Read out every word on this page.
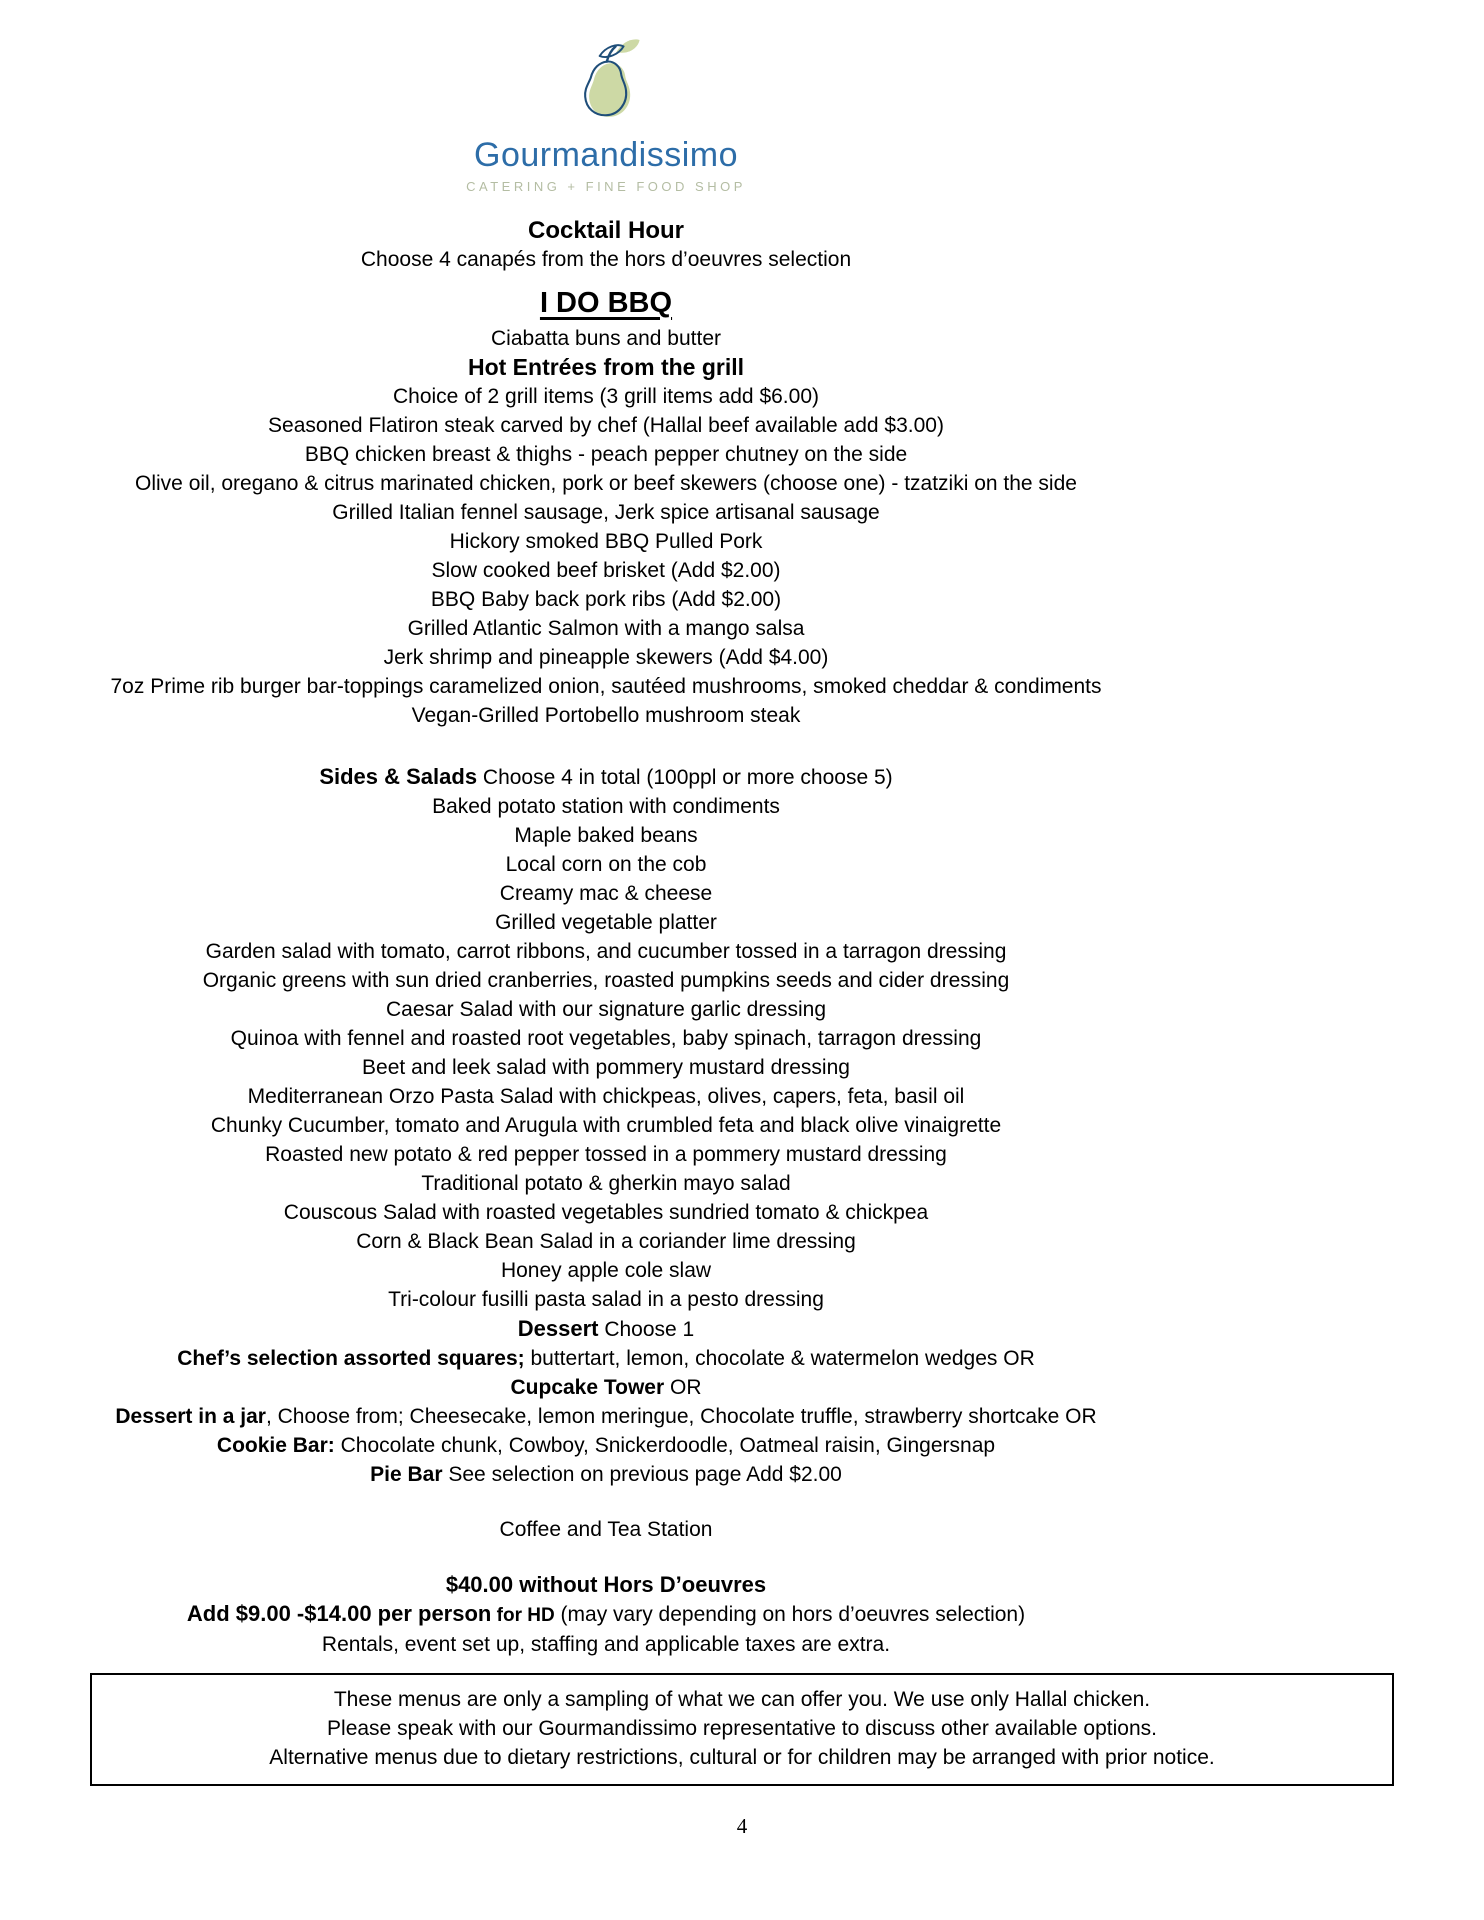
Gourmandissimo
CATERING + FINE FOOD SHOP
Cocktail Hour
Choose 4 canapés from the hors d’oeuvres selection
I DO BBQ
Ciabatta buns and butter
Hot Entrées from the grill
Choice of 2 grill items (3 grill items add $6.00)
Seasoned Flatiron steak carved by chef (Hallal beef available add $3.00)
BBQ chicken breast & thighs - peach pepper chutney on the side
Olive oil, oregano & citrus marinated chicken, pork or beef skewers (choose one) - tzatziki on the side
Grilled Italian fennel sausage, Jerk spice artisanal sausage
Hickory smoked BBQ Pulled Pork
Slow cooked beef brisket (Add $2.00)
BBQ Baby back pork ribs (Add $2.00)
Grilled Atlantic Salmon with a mango salsa
Jerk shrimp and pineapple skewers (Add $4.00)
7oz Prime rib burger bar-toppings caramelized onion, sautéed mushrooms, smoked cheddar & condiments
Vegan-Grilled Portobello mushroom steak
Sides & Salads Choose 4 in total (100ppl or more choose 5)
Baked potato station with condiments
Maple baked beans
Local corn on the cob
Creamy mac & cheese
Grilled vegetable platter
Garden salad with tomato, carrot ribbons, and cucumber tossed in a tarragon dressing
Organic greens with sun dried cranberries, roasted pumpkins seeds and cider dressing
Caesar Salad with our signature garlic dressing
Quinoa with fennel and roasted root vegetables, baby spinach, tarragon dressing
Beet and leek salad with pommery mustard dressing
Mediterranean Orzo Pasta Salad with chickpeas, olives, capers, feta, basil oil
Chunky Cucumber, tomato and Arugula with crumbled feta and black olive vinaigrette
Roasted new potato & red pepper tossed in a pommery mustard dressing
Traditional potato & gherkin mayo salad
Couscous Salad with roasted vegetables sundried tomato & chickpea
Corn & Black Bean Salad in a coriander lime dressing
Honey apple cole slaw
Tri-colour fusilli pasta salad in a pesto dressing
Dessert Choose 1
Chef’s selection assorted squares; buttertart, lemon, chocolate & watermelon wedges OR
Cupcake Tower OR
Dessert in a jar, Choose from; Cheesecake, lemon meringue, Chocolate truffle, strawberry shortcake OR
Cookie Bar: Chocolate chunk, Cowboy, Snickerdoodle, Oatmeal raisin, Gingersnap
Pie Bar See selection on previous page Add $2.00
Coffee and Tea Station
$40.00 without Hors D’oeuvres
Add $9.00 -$14.00 per person for HD (may vary depending on hors d’oeuvres selection)
Rentals, event set up, staffing and applicable taxes are extra.
These menus are only a sampling of what we can offer you. We use only Hallal chicken.
Please speak with our Gourmandissimo representative to discuss other available options.
Alternative menus due to dietary restrictions, cultural or for children may be arranged with prior notice.
4
